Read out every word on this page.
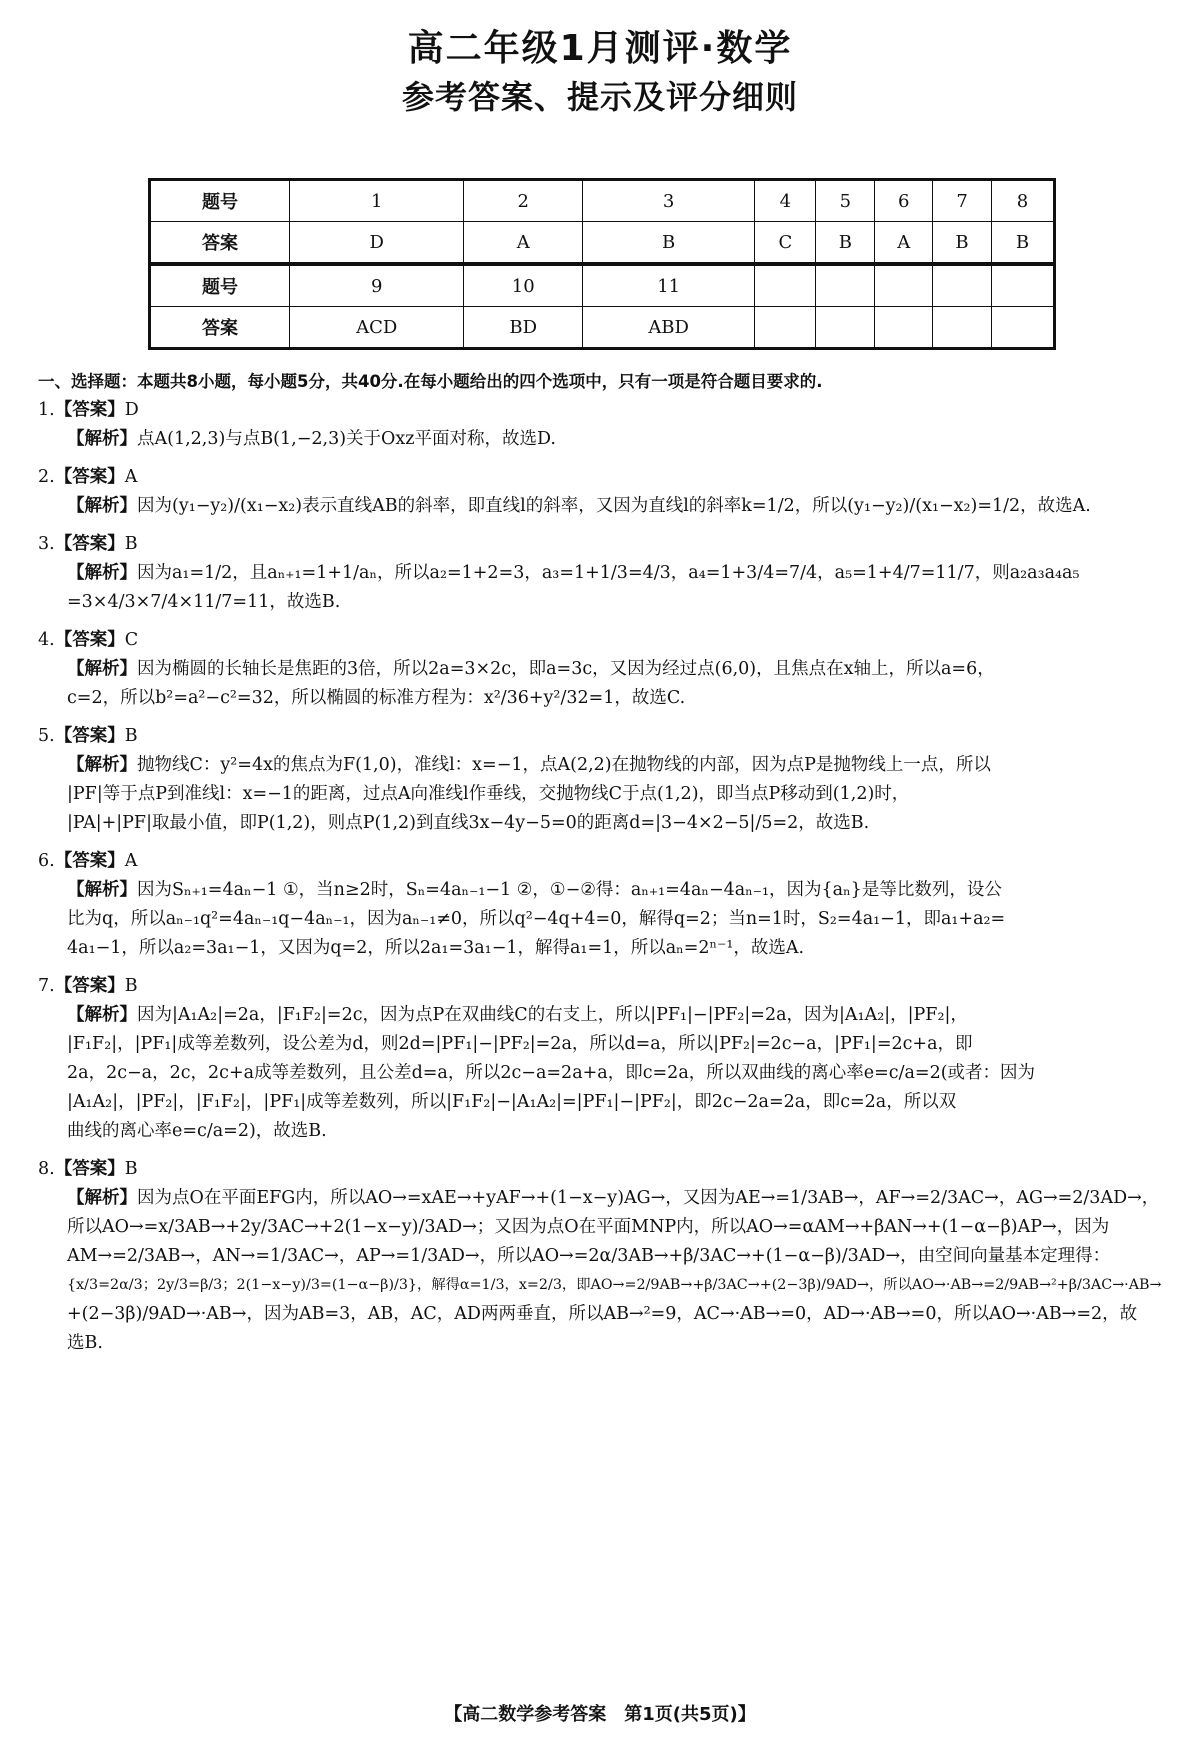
高二年级1月测评·数学
参考答案、提示及评分细则
题号	1	2	3	4	5	6	7	8
答案	D	A	B	C	B	A	B	B
题号	9	10	11					
答案	ACD	BD	ABD					

一、选择题：本题共8小题，每小题5分，共40分.在每小题给出的四个选项中，只有一项是符合题目要求的.

1.【答案】D

【解析】点A(1,2,3)与点B(1,−2,3)关于Oxz平面对称，故选D.

2.【答案】A

【解析】因为(y₁−y₂)/(x₁−x₂)表示直线AB的斜率，即直线l的斜率，又因为直线l的斜率k=1/2，所以(y₁−y₂)/(x₁−x₂)=1/2，故选A.

3.【答案】B

【解析】因为a₁=1/2，且aₙ₊₁=1+1/aₙ，所以a₂=1+2=3，a₃=1+1/3=4/3，a₄=1+3/4=7/4，a₅=1+4/7=11/7，则a₂a₃a₄a₅

=3×4/3×7/4×11/7=11，故选B.

4.【答案】C

【解析】因为椭圆的长轴长是焦距的3倍，所以2a=3×2c，即a=3c，又因为经过点(6,0)，且焦点在x轴上，所以a=6，

c=2，所以b²=a²−c²=32，所以椭圆的标准方程为：x²/36+y²/32=1，故选C.

5.【答案】B

【解析】抛物线C：y²=4x的焦点为F(1,0)，准线l：x=−1，点A(2,2)在抛物线的内部，因为点P是抛物线上一点，所以

|PF|等于点P到准线l：x=−1的距离，过点A向准线l作垂线，交抛物线C于点(1,2)，即当点P移动到(1,2)时，

|PA|+|PF|取最小值，即P(1,2)，则点P(1,2)到直线3x−4y−5=0的距离d=|3−4×2−5|/5=2，故选B.

6.【答案】A

【解析】因为Sₙ₊₁=4aₙ−1 ①，当n≥2时，Sₙ=4aₙ₋₁−1 ②，①−②得：aₙ₊₁=4aₙ−4aₙ₋₁，因为{aₙ}是等比数列，设公

比为q，所以aₙ₋₁q²=4aₙ₋₁q−4aₙ₋₁，因为aₙ₋₁≠0，所以q²−4q+4=0，解得q=2；当n=1时，S₂=4a₁−1，即a₁+a₂=

4a₁−1，所以a₂=3a₁−1，又因为q=2，所以2a₁=3a₁−1，解得a₁=1，所以aₙ=2ⁿ⁻¹，故选A.

7.【答案】B

【解析】因为|A₁A₂|=2a，|F₁F₂|=2c，因为点P在双曲线C的右支上，所以|PF₁|−|PF₂|=2a，因为|A₁A₂|，|PF₂|，

|F₁F₂|，|PF₁|成等差数列，设公差为d，则2d=|PF₁|−|PF₂|=2a，所以d=a，所以|PF₂|=2c−a，|PF₁|=2c+a，即

2a，2c−a，2c，2c+a成等差数列，且公差d=a，所以2c−a=2a+a，即c=2a，所以双曲线的离心率e=c/a=2(或者：因为

|A₁A₂|，|PF₂|，|F₁F₂|，|PF₁|成等差数列，所以|F₁F₂|−|A₁A₂|=|PF₁|−|PF₂|，即2c−2a=2a，即c=2a，所以双

曲线的离心率e=c/a=2)，故选B.

8.【答案】B

【解析】因为点O在平面EFG内，所以AO→=xAE→+yAF→+(1−x−y)AG→，又因为AE→=1/3AB→，AF→=2/3AC→，AG→=2/3AD→，

所以AO→=x/3AB→+2y/3AC→+2(1−x−y)/3AD→；又因为点O在平面MNP内，所以AO→=αAM→+βAN→+(1−α−β)AP→，因为

AM→=2/3AB→，AN→=1/3AC→，AP→=1/3AD→，所以AO→=2α/3AB→+β/3AC→+(1−α−β)/3AD→，由空间向量基本定理得：

{x/3=2α/3；2y/3=β/3；2(1−x−y)/3=(1−α−β)/3}，解得α=1/3，x=2/3，即AO→=2/9AB→+β/3AC→+(2−3β)/9AD→，所以AO→·AB→=2/9AB→²+β/3AC→·AB→

+(2−3β)/9AD→·AB→，因为AB=3，AB，AC，AD两两垂直，所以AB→²=9，AC→·AB→=0，AD→·AB→=0，所以AO→·AB→=2，故

选B.

【高二数学参考答案　第1页(共5页)】
